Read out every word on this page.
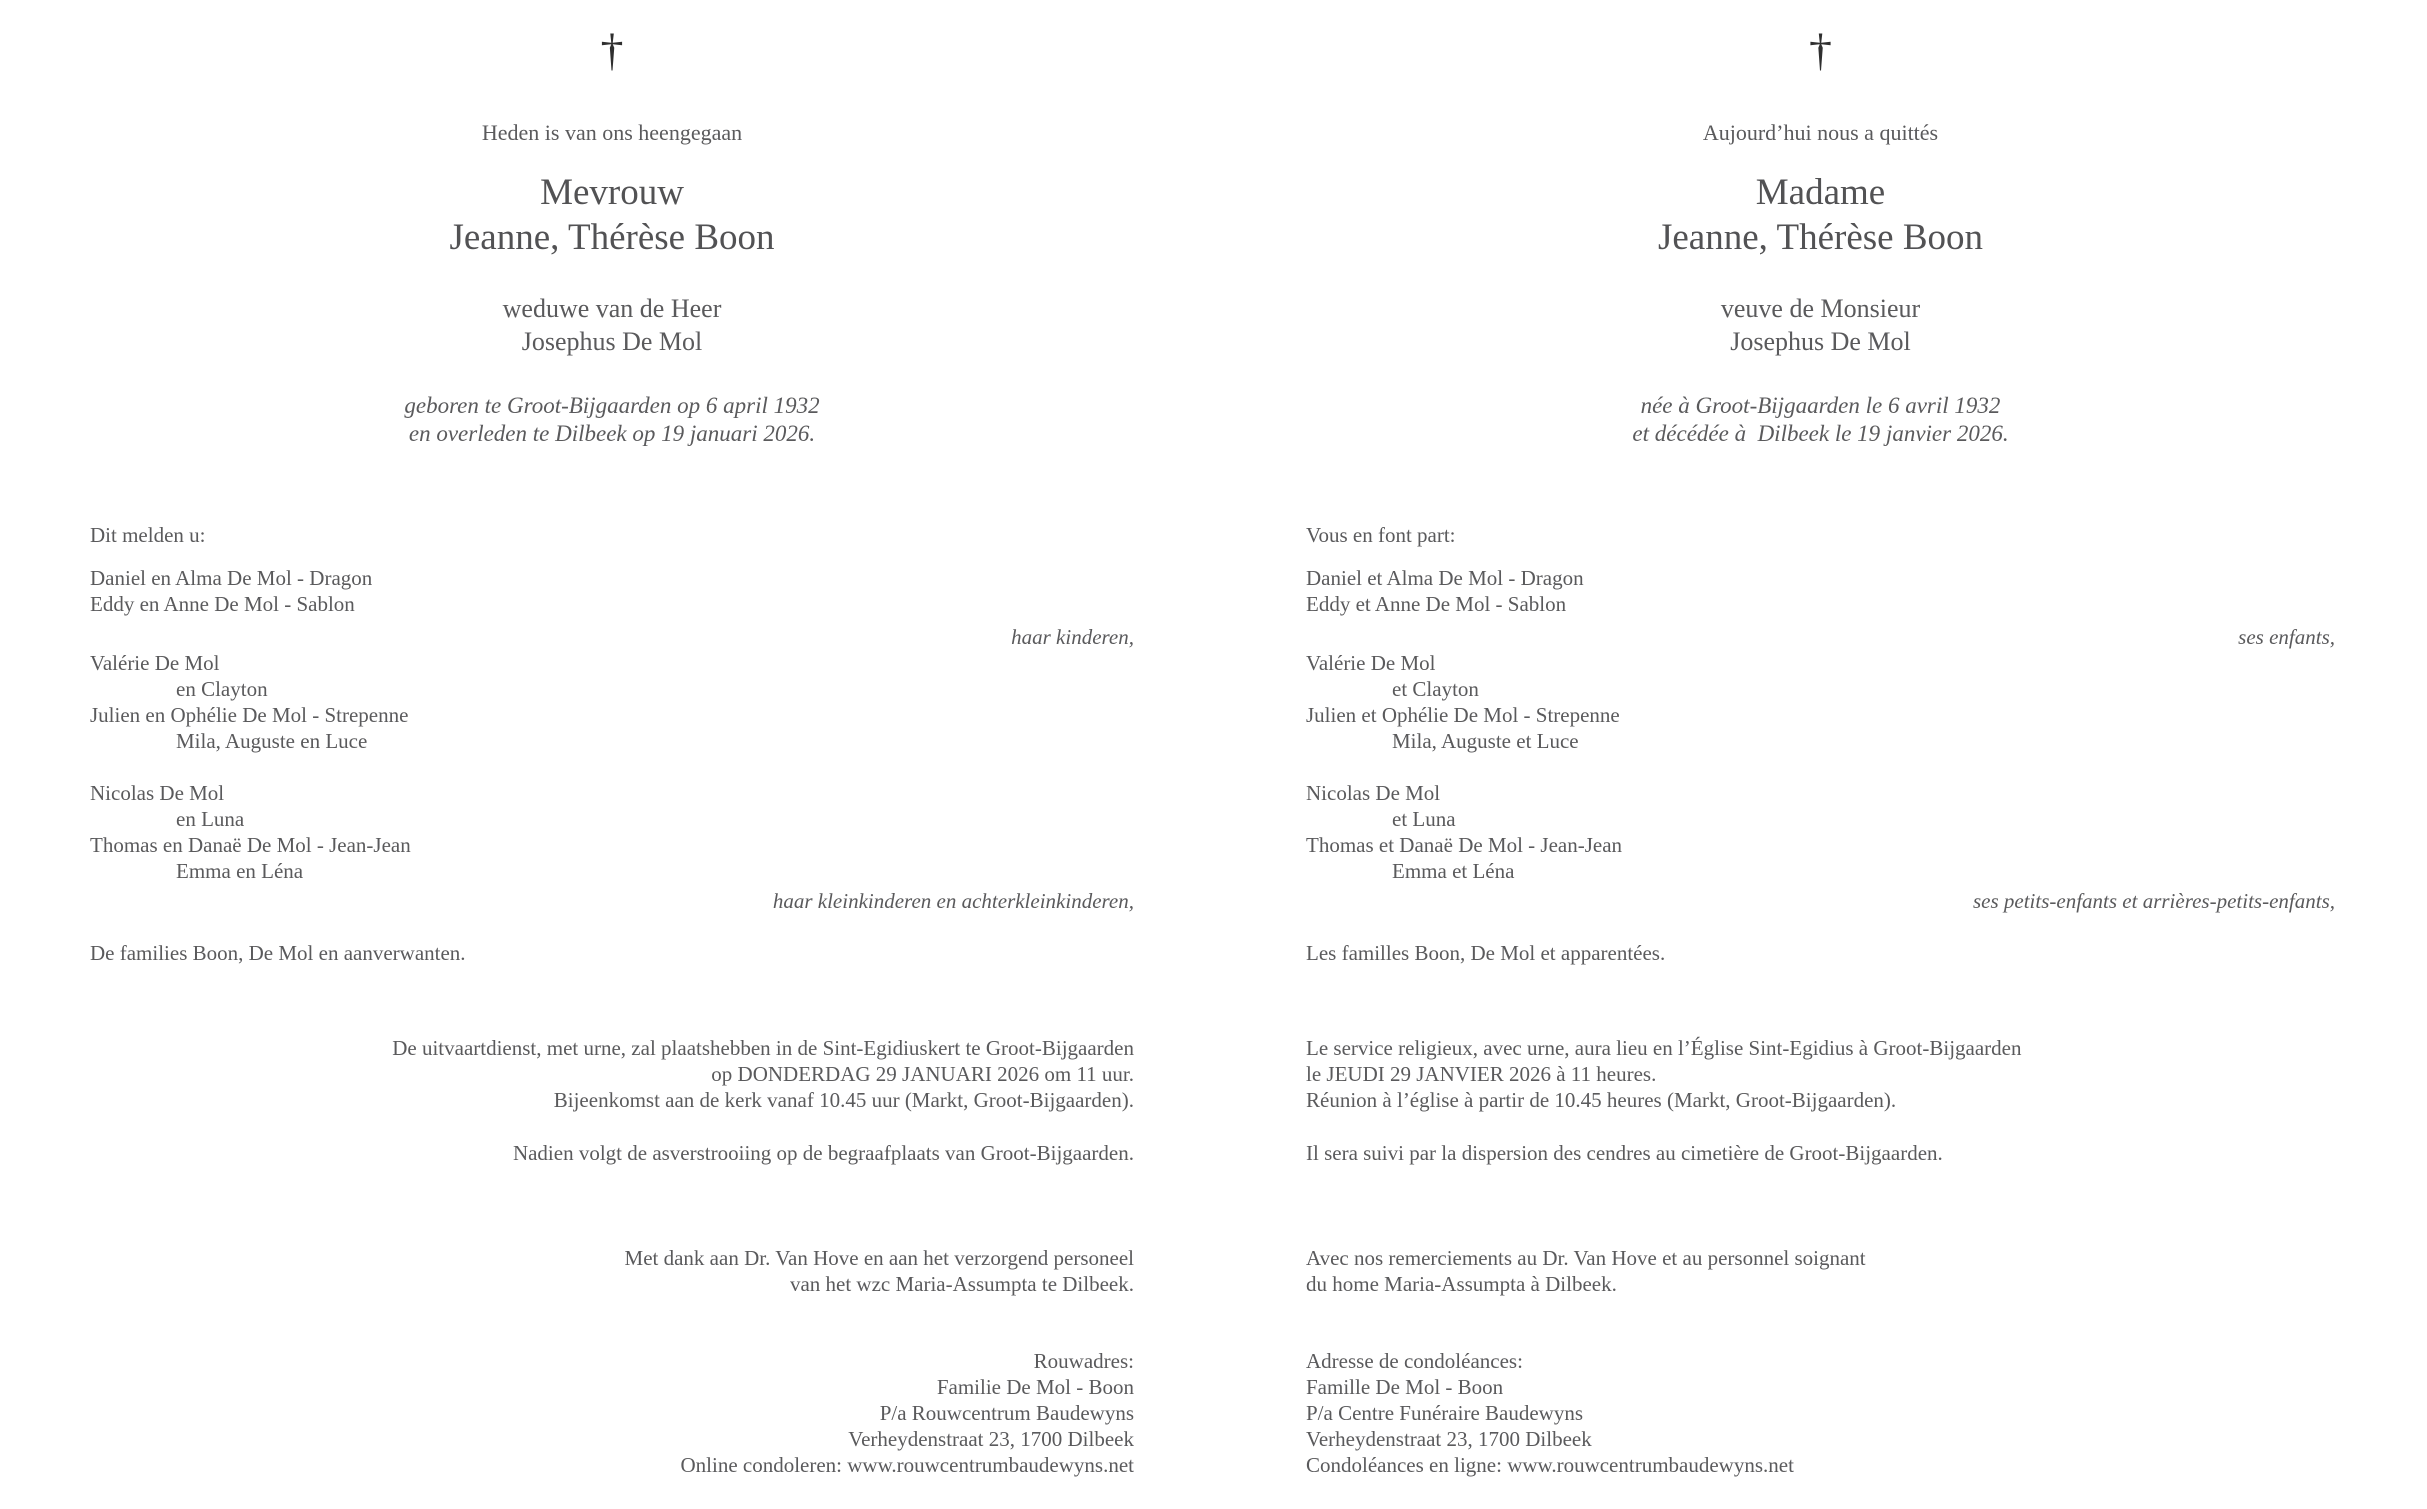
†
Heden is van ons heengegaan
Mevrouw
Jeanne, Thérèse Boon
weduwe van de Heer
Josephus De Mol
geboren te Groot-Bijgaarden op 6 april 1932
en overleden te Dilbeek op 19 januari 2026.
Dit melden u:
Daniel en Alma De Mol - Dragon
Eddy en Anne De Mol - Sablon
haar kinderen,
Valérie De Mol
en Clayton
Julien en Ophélie De Mol - Strepenne
Mila, Auguste en Luce
Nicolas De Mol
en Luna
Thomas en Danaë De Mol - Jean-Jean
Emma en Léna
haar kleinkinderen en achterkleinkinderen,
De families Boon, De Mol en aanverwanten.
De uitvaartdienst, met urne, zal plaatshebben in de Sint-Egidiuskert te Groot-Bijgaarden
op DONDERDAG 29 JANUARI 2026 om 11 uur.
Bijeenkomst aan de kerk vanaf 10.45 uur (Markt, Groot-Bijgaarden).
Nadien volgt de asverstrooiing op de begraafplaats van Groot-Bijgaarden.
Met dank aan Dr. Van Hove en aan het verzorgend personeel
van het wzc Maria-Assumpta te Dilbeek.
Rouwadres:
Familie De Mol - Boon
P/a Rouwcentrum Baudewyns
Verheydenstraat 23, 1700 Dilbeek
Online condoleren: www.rouwcentrumbaudewyns.net
†
Aujourd’hui nous a quittés
Madame
Jeanne, Thérèse Boon
veuve de Monsieur
Josephus De Mol
née à Groot-Bijgaarden le 6 avril 1932
et décédée à  Dilbeek le 19 janvier 2026.
Vous en font part:
Daniel et Alma De Mol - Dragon
Eddy et Anne De Mol - Sablon
ses enfants,
Valérie De Mol
et Clayton
Julien et Ophélie De Mol - Strepenne
Mila, Auguste et Luce
Nicolas De Mol
et Luna
Thomas et Danaë De Mol - Jean-Jean
Emma et Léna
ses petits-enfants et arrières-petits-enfants,
Les familles Boon, De Mol et apparentées.
Le service religieux, avec urne, aura lieu en l’Église Sint-Egidius à Groot-Bijgaarden
le JEUDI 29 JANVIER 2026 à 11 heures.
Réunion à l’église à partir de 10.45 heures (Markt, Groot-Bijgaarden).
Il sera suivi par la dispersion des cendres au cimetière de Groot-Bijgaarden.
Avec nos remerciements au Dr. Van Hove et au personnel soignant
du home Maria-Assumpta à Dilbeek.
Adresse de condoléances:
Famille De Mol - Boon
P/a Centre Funéraire Baudewyns
Verheydenstraat 23, 1700 Dilbeek
Condoléances en ligne: www.rouwcentrumbaudewyns.net
